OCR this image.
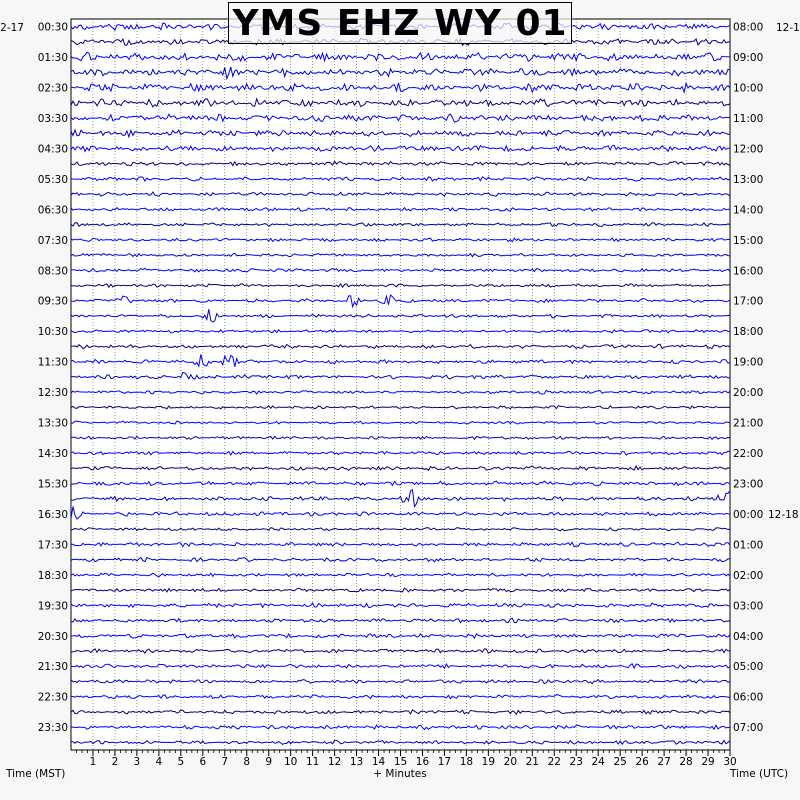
1 2 3 4 5 6 7 8 9 10 11 12 13 14 15 16 17 18 19 20 21 22 23 24 25 26 27 28 29 30
00:30
01:30
02:30
03:30
04:30
05:30
06:30
07:30
08:30
09:30
10:30
11:30
12:30
13:30
14:30
15:30
16:30
17:30
18:30
19:30
20:30
21:30
22:30
23:30
08:00
09:00
10:00
11:00
12:00
13:00
14:00
15:00
16:00
17:00
18:00
19:00
20:00
21:00
22:00
23:00
00:00 12-18
01:00
02:00
03:00
04:00
05:00
06:00
07:00
2-17	12-1
Time (MST)	+ Minutes	Time (UTC)
YMS EHZ WY 01
